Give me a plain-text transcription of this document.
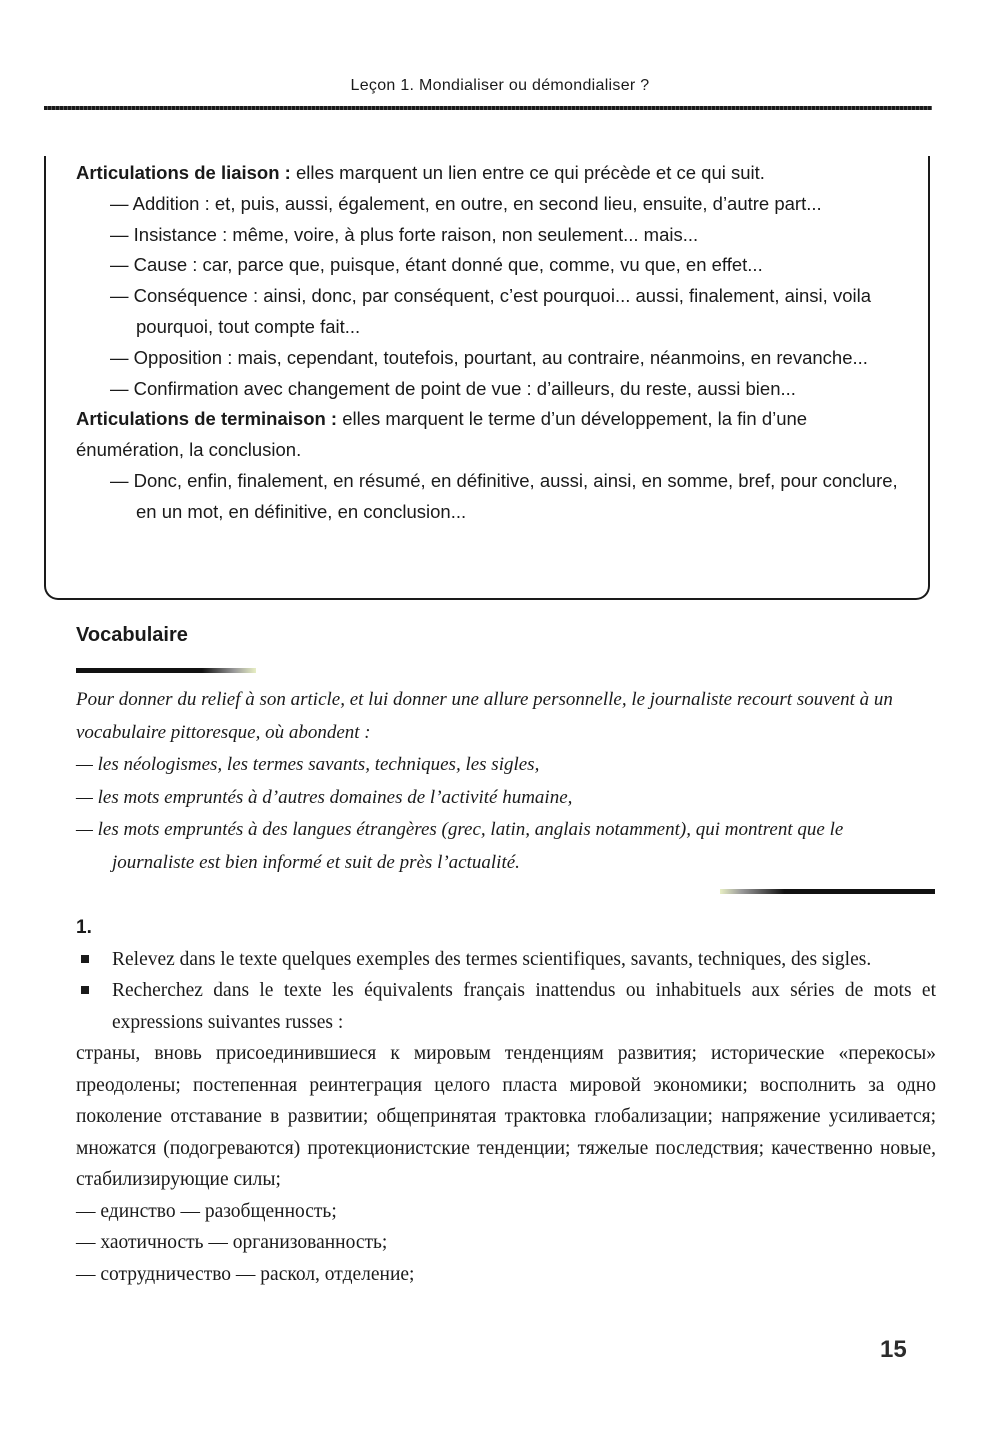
Leçon 1. Mondialiser ou démondialiser ?

Articulations de liaison : elles marquent un lien entre ce qui précède et ce qui suit.

— Addition : et, puis, aussi, également, en outre, en second lieu, ensuite, d’autre part...

— Insistance : même, voire, à plus forte raison, non seulement... mais...

— Cause : car, parce que, puisque, étant donné que, comme, vu que, en effet...

— Conséquence : ainsi, donc, par conséquent, c’est pourquoi... aussi, finalement, ainsi, voila pourquoi, tout compte fait...

— Opposition : mais, cependant, toutefois, pourtant, au contraire, néanmoins, en revanche...

— Confirmation avec changement de point de vue : d’ailleurs, du reste, aussi bien...

Articulations de terminaison : elles marquent le terme d’un développement, la fin d’une énumération, la conclusion.

— Donc, enfin, finalement, en résumé, en définitive, aussi, ainsi, en somme, bref, pour conclure, en un mot, en définitive, en conclusion...

Vocabulaire

Pour donner du relief à son article, et lui donner une allure personnelle, le journaliste recourt souvent à un vocabulaire pittoresque, où abondent :

— les néologismes, les termes savants, techniques, les sigles,

— les mots empruntés à d’autres domaines de l’activité humaine,

— les mots empruntés à des langues étrangères (grec, latin, anglais notamment), qui montrent que le journaliste est bien informé et suit de près l’actualité.

1.

Relevez dans le texte quelques exemples des termes scientifiques, savants, techniques, des sigles.

Recherchez dans le texte les équivalents français inattendus ou inhabituels aux séries de mots et expressions suivantes russes :

страны, вновь присоединившиеся к мировым тенденциям развития; исторические «перекосы» преодолены; постепенная реинтеграция целого пласта мировой экономики; восполнить за одно поколение отставание в развитии; общепринятая трактовка глобализации; напряжение усиливается; множатся (подогреваются) протекционистские тенденции; тяжелые последствия; качественно новые, стабилизирующие силы;

— единство — разобщенность;

— хаотичность — организованность;

— сотрудничество — раскол, отделение;

15
